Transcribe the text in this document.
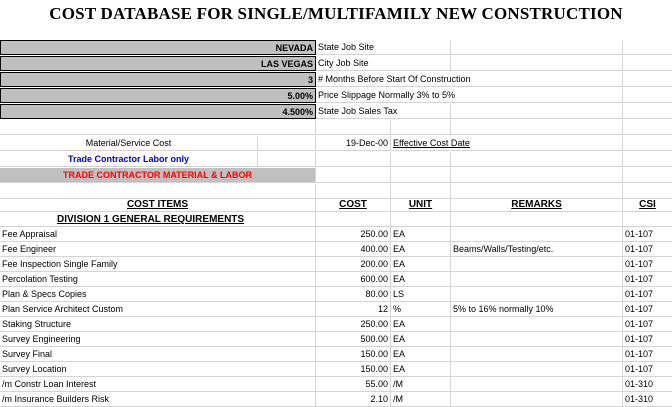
COST DATABASE FOR SINGLE/MULTIFAMILY NEW CONSTRUCTION
NEVADA State Job Site
LAS VEGAS City Job Site
3 # Months Before Start Of Construction
5.00% Price Slippage Normally 3% to 5%
4.500% State Job Sales Tax
Material/Service Cost	19-Dec-00 Effective Cost Date
Trade Contractor Labor only
TRADE CONTRACTOR MATERIAL & LABOR
COST ITEMS	COST	UNIT	REMARKS	CSI
DIVISION 1 GENERAL REQUIREMENTS
Fee Appraisal	250.00 EA	01-107
Fee Engineer	400.00 EA	Beams/Walls/Testing/etc.	01-107
Fee Inspection Single Family	200.00 EA	01-107
Percolation Testing	600.00 EA	01-107
Plan & Specs Copies	80.00 LS	01-107
Plan Service Architect Custom	12 %	5% to 16% normally 10%	01-107
Staking Structure	250.00 EA	01-107
Survey Engineering	500.00 EA	01-107
Survey Final	150.00 EA	01-107
Survey Location	150.00 EA	01-107
/m Constr Loan Interest	55.00 /M	01-310
/m Insurance Builders Risk	2.10 /M	01-310
